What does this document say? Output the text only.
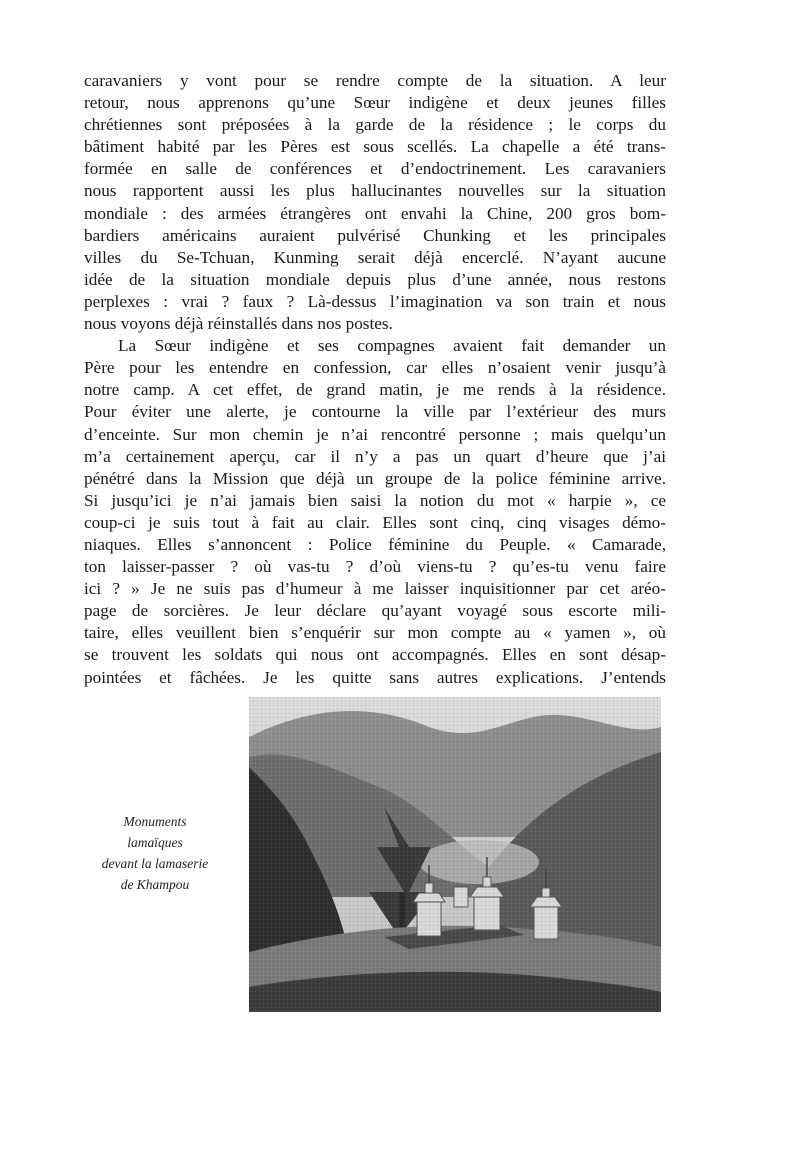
caravaniers y vont pour se rendre compte de la situation. A leur
retour, nous apprenons qu’une Sœur indigène et deux jeunes filles
chrétiennes sont préposées à la garde de la résidence ; le corps du
bâtiment habité par les Pères est sous scellés. La chapelle a été trans-
formée en salle de conférences et d’endoctrinement. Les caravaniers
nous rapportent aussi les plus hallucinantes nouvelles sur la situation
mondiale : des armées étrangères ont envahi la Chine, 200 gros bom-
bardiers américains auraient pulvérisé Chunking et les principales
villes du Se-Tchuan, Kunming serait déjà encerclé. N’ayant aucune
idée de la situation mondiale depuis plus d’une année, nous restons
perplexes : vrai ? faux ? Là-dessus l’imagination va son train et nous
nous voyons déjà réinstallés dans nos postes.
La Sœur indigène et ses compagnes avaient fait demander un
Père pour les entendre en confession, car elles n’osaient venir jusqu’à
notre camp. A cet effet, de grand matin, je me rends à la résidence.
Pour éviter une alerte, je contourne la ville par l’extérieur des murs
d’enceinte. Sur mon chemin je n’ai rencontré personne ; mais quelqu’un
m’a certainement aperçu, car il n’y a pas un quart d’heure que j’ai
pénétré dans la Mission que déjà un groupe de la police féminine arrive.
Si jusqu’ici je n’ai jamais bien saisi la notion du mot « harpie », ce
coup-ci je suis tout à fait au clair. Elles sont cinq, cinq visages démo-
niaques. Elles s’annoncent : Police féminine du Peuple. « Camarade,
ton laisser-passer ? où vas-tu ? d’où viens-tu ? qu’es-tu venu faire
ici ? » Je ne suis pas d’humeur à me laisser inquisitionner par cet aréo-
page de sorcières. Je leur déclare qu’ayant voyagé sous escorte mili-
taire, elles veuillent bien s’enquérir sur mon compte au « yamen », où
se trouvent les soldats qui nous ont accompagnés. Elles en sont désap-
pointées et fâchées. Je les quitte sans autres explications. J’entends
Monuments
lamaïques
devant la lamaserie
de Khampou
